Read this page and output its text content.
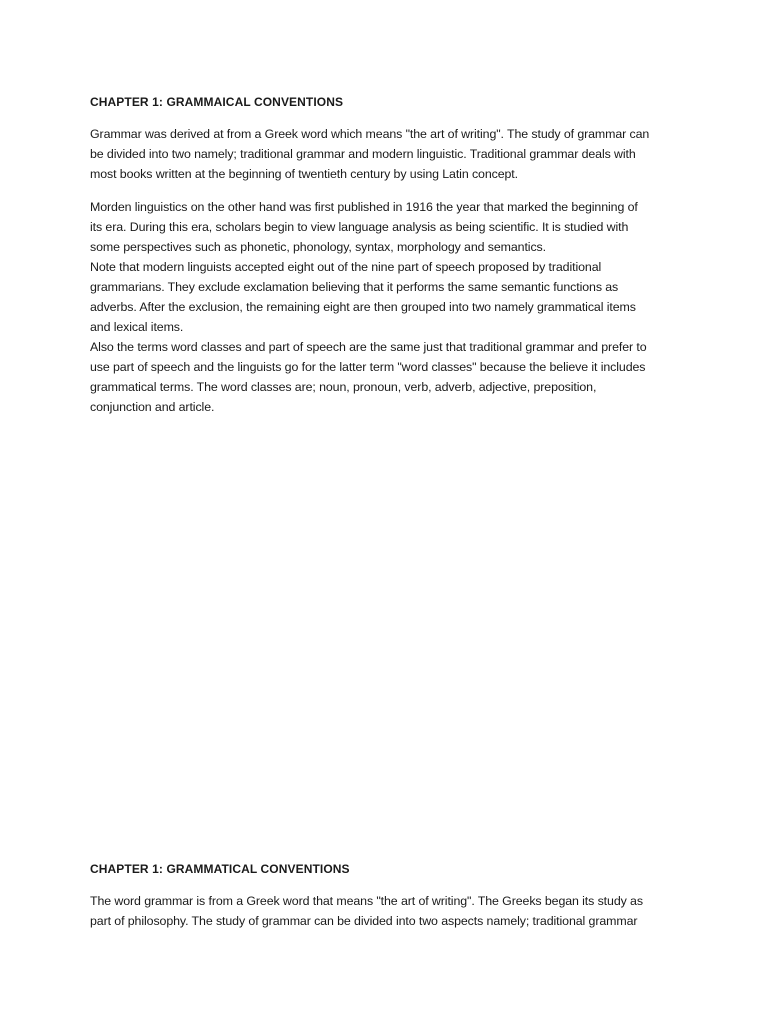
CHAPTER 1: GRAMMAICAL CONVENTIONS

Grammar was derived at from a Greek word which means "the art of writing". The study of grammar can
be divided into two namely; traditional grammar and modern linguistic. Traditional grammar deals with
most books written at the beginning of twentieth century by using Latin concept.

Morden linguistics on the other hand was first published in 1916 the year that marked the beginning of
its era. During this era, scholars begin to view language analysis as being scientific. It is studied with
some perspectives such as phonetic, phonology, syntax, morphology and semantics.
Note that modern linguists accepted eight out of the nine part of speech proposed by traditional
grammarians. They exclude exclamation believing that it performs the same semantic functions as
adverbs. After the exclusion, the remaining eight are then grouped into two namely grammatical items
and lexical items.
Also the terms word classes and part of speech are the same just that traditional grammar and prefer to
use part of speech and the linguists go for the latter term "word classes" because the believe it includes
grammatical terms. The word classes are; noun, pronoun, verb, adverb, adjective, preposition,
conjunction and article.

CHAPTER 1: GRAMMATICAL CONVENTIONS

The word grammar is from a Greek word that means "the art of writing". The Greeks began its study as
part of philosophy. The study of grammar can be divided into two aspects namely; traditional grammar
